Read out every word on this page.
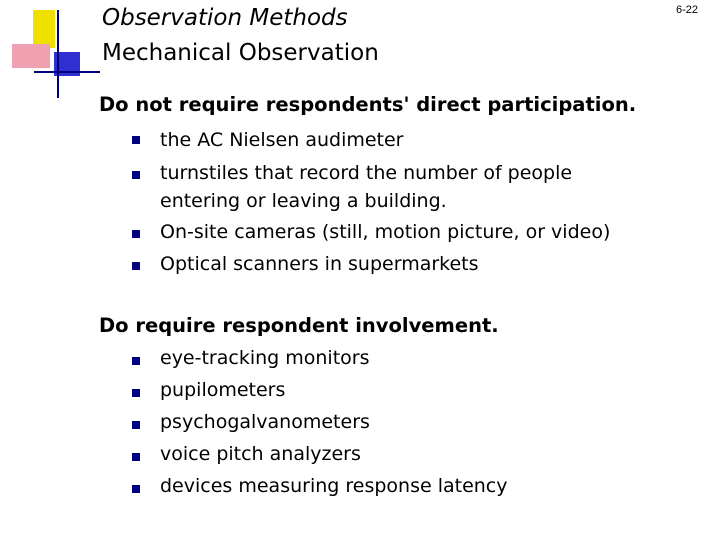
Observation Methods
Mechanical Observation
6-22
Do not require respondents' direct participation.
the AC Nielsen audimeter
turnstiles that record the number of people
entering or leaving a building.
On-site cameras (still, motion picture, or video)
Optical scanners in supermarkets
Do require respondent involvement.
eye-tracking monitors
pupilometers
psychogalvanometers
voice pitch analyzers
devices measuring response latency
